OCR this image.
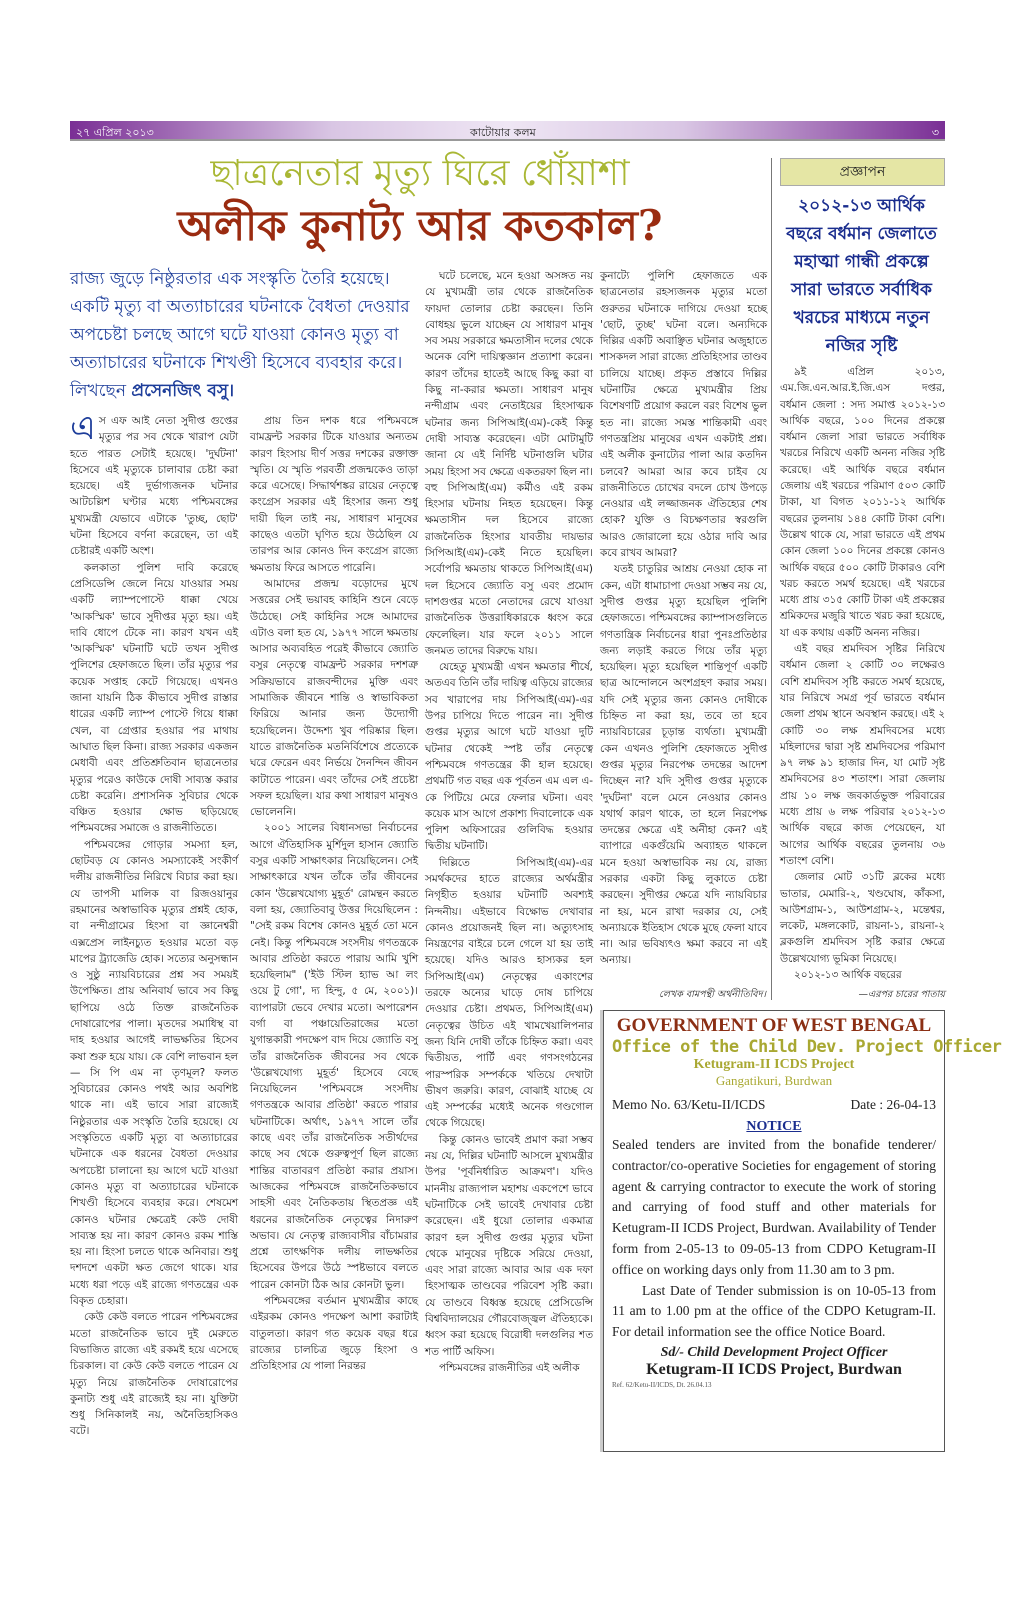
২৭ এপ্রিল ২০১৩	কাটোয়ার কলম	৩
ছাত্রনেতার মৃত্যু ঘিরে ধোঁয়াশা
অলীক কুনাট্য আর কতকাল?
রাজ্য জুড়ে নিষ্ঠুরতার এক সংস্কৃতি তৈরি হয়েছে। একটি মৃত্যু বা অত্যাচারের ঘটনাকে বৈধতা দেওয়ার অপচেষ্টা চলছে আগে ঘটে যাওয়া কোনও মৃত্যু বা অত্যাচারের ঘটনাকে শিখণ্ডী হিসেবে ব্যবহার করে। লিখছেন প্রসেনজিৎ বসু।
এ স এফ আই নেতা সুদীপ্ত গুপ্তের মৃত্যুর পর সব থেকে খারাপ যেটা হতে পারত সেটাই হয়েছে। 'দুর্ঘটনা' হিসেবে এই মৃত্যুকে চালাবার চেষ্টা করা হয়েছে। এই দুর্ভাগ্যজনক ঘটনার আটচল্লিশ ঘণ্টার মধ্যে পশ্চিমবঙ্গের মুখ্যমন্ত্রী যেভাবে এটাকে 'তুচ্ছ, ছোট' ঘটনা হিসেবে বর্ণনা করেছেন, তা এই চেষ্টারই একটি অংশ।

কলকাতা পুলিশ দাবি করেছে প্রেসিডেন্সি জেলে নিয়ে যাওয়ার সময় একটি ল্যাম্পপোস্টে ধাক্কা খেয়ে 'আকস্মিক' ভাবে সুদীপ্তর মৃত্যু হয়। এই দাবি ধোপে টেকে না। কারণ যখন এই 'আকস্মিক' ঘটনাটি ঘটে তখন সুদীপ্ত পুলিশের হেফাজতে ছিল। তাঁর মৃত্যুর পর কয়েক সপ্তাহ কেটে গিয়েছে। এখনও জানা যায়নি ঠিক কীভাবে সুদীপ্ত রাস্তার ধারের একটি ল্যাম্প পোস্টে গিয়ে ধাক্কা খেল, বা গ্রেপ্তার হওয়ার পর মাথায় আঘাত ছিল কিনা। রাজ্য সরকার একজন মেধাবী এবং প্রতিশ্রুতিবান ছাত্রনেতার মৃত্যুর পরেও কাউকে দোষী সাব্যস্ত করার চেষ্টা করেনি। প্রশাসনিক সুবিচার থেকে বঞ্চিত হওয়ার ক্ষোভ ছড়িয়েছে পশ্চিমবঙ্গের সমাজে ও রাজনীতিতে।

পশ্চিমবঙ্গের গোড়ার সমস্যা হল, ছোটবড় যে কোনও সমস্যাকেই সংকীর্ণ দলীয় রাজনীতির নিরিখে বিচার করা হয়। যে তাপসী মালিক বা রিজওয়ানুর রহমানের অস্বাভাবিক মৃত্যুর প্রশ্নই হোক, বা নন্দীগ্রামের হিংসা বা জ্ঞানেশ্বরী এক্সপ্রেস লাইনচ্যুত হওয়ার মতো বড় মাপের ট্র্যাজেডি হোক। সত্যের অনুসন্ধান ও সুষ্ঠু ন্যায়বিচারের প্রশ্ন সব সময়ই উপেক্ষিত। প্রায় অনিবার্য ভাবে সব কিছু ছাপিয়ে ওঠে তিক্ত রাজনৈতিক দোষারোপের পালা। মৃতদের সমাধিস্থ বা দাহ হওয়ার আগেই লাভক্ষতির হিসেব কষা শুরু হয়ে যায়। কে বেশি লাভবান হল— সি পি এম না তৃণমূল? ফলত সুবিচারের কোনও পথই আর অবশিষ্ট থাকে না। এই ভাবে সারা রাজ্যেই নিষ্ঠুরতার এক সংস্কৃতি তৈরি হয়েছে। যে সংস্কৃতিতে একটি মৃত্যু বা অত্যাচারের ঘটনাকে এক ধরনের বৈধতা দেওয়ার অপচেষ্টা চালানো হয় আগে ঘটে যাওয়া কোনও মৃত্যু বা অত্যাচারের ঘটনাকে শিখণ্ডী হিসেবে ব্যবহার করে। শেষমেশ কোনও ঘটনার ক্ষেত্রেই কেউ দোষী সাব্যস্ত হয় না। কারণ কোনও রকম শাস্তি হয় না। হিংসা চলতে থাকে অনিবার। শুধু দশদশে একটা ক্ষত জেগে থাকে। যার মধ্যে ধরা পড়ে এই রাজ্যে গণতন্ত্রের এক বিকৃত চেহারা।

কেউ কেউ বলতে পারেন পশ্চিমবঙ্গের মতো রাজনৈতিক ভাবে দুই মেরুতে বিভাজিত রাজ্যে এই রকমই হয়ে এসেছে চিরকাল। বা কেউ কেউ বলতে পারেন যে মৃত্যু নিয়ে রাজনৈতিক দোষারোপের কুনাট্য শুধু এই রাজ্যেই হয় না। যুক্তিটা শুধু সিনিকালই নয়, অনৈতিহাসিকও বটে।

প্রায় তিন দশক ধরে পশ্চিমবঙ্গে বামফ্রন্ট সরকার টিকে যাওয়ার অন্যতম কারণ হিংসায় দীর্ণ সত্তর দশকের রক্তাক্ত স্মৃতি। যে স্মৃতি পরবর্তী প্রজন্মকেও তাড়া করে এসেছে। সিদ্ধার্থশঙ্কর রায়ের নেতৃত্বে কংগ্রেস সরকার এই হিংসার জন্য শুধু দায়ী ছিল তাই নয়, সাধারণ মানুষের কাছেও এতটা ঘৃণিত হয়ে উঠেছিল যে তারপর আর কোনও দিন কংগ্রেস রাজ্যে ক্ষমতায় ফিরে আসতে পারেনি।

আমাদের প্রজন্ম বড়োদের মুখে সত্তরের সেই ভয়াবহ কাহিনি শুনে বেড়ে উঠেছে। সেই কাহিনির সঙ্গে আমাদের এটাও বলা হত যে, ১৯৭৭ সালে ক্ষমতায় আসার অব্যবহিত পরেই কীভাবে জ্যোতি বসুর নেতৃত্বে বামফ্রন্ট সরকার দশশত্রু সক্রিয়ভাবে রাজবন্দীদের মুক্তি এবং সামাজিক জীবনে শান্তি ও স্বাভাবিকতা ফিরিয়ে আনার জন্য উদ্যোগী হয়েছিলেন। উদ্দেশ্য খুব পরিষ্কার ছিল। যাতে রাজনৈতিক মতনির্বিশেষে প্রত্যেকে ঘরে ফেরেন এবং নির্ভয়ে দৈনন্দিন জীবন কাটাতে পারেন। এবং তাঁদের সেই প্রচেষ্টা সফল হয়েছিল। যার কথা সাধারণ মানুষও ভোলেননি।

২০০১ সালের বিধানসভা নির্বাচনের আগে ঐতিহাসিক মুর্শিদুল হাসান জ্যোতি বসুর একটি সাক্ষাৎকার নিয়েছিলেন। সেই সাক্ষাৎকারে যখন তাঁকে তাঁর জীবনের কোন 'উল্লেখযোগ্য মুহূর্ত' রোমন্থন করতে বলা হয়, জ্যোতিবাবু উত্তর দিয়েছিলেন : "সেই রকম বিশেষ কোনও মুহূর্ত তো মনে নেই। কিন্তু পশ্চিমবঙ্গে সংসদীয় গণতন্ত্রকে আবার প্রতিষ্ঠা করতে পারায় আমি খুশি হয়েছিলাম" ('ইউ স্টিল হ্যাভ আ লং ওয়ে টু গো', দ্য হিন্দু, ৫ মে, ২০০১)। ব্যাপারটা ভেবে দেখার মতো। অপারেশন বর্গা বা পঞ্চায়েতিরাজের মতো যুগান্তকারী পদক্ষেপ বাদ দিয়ে জ্যোতি বসু তাঁর রাজনৈতিক জীবনের সব থেকে 'উল্লেখযোগ্য মুহূর্ত' হিসেবে বেছে নিয়েছিলেন 'পশ্চিমবঙ্গে সংসদীয় গণতন্ত্রকে আবার প্রতিষ্ঠা' করতে পারার ঘটনাটিকে। অর্থাৎ, ১৯৭৭ সালে তাঁর কাছে এবং তাঁর রাজনৈতিক সতীর্থদের কাছে সব থেকে গুরুত্বপূর্ণ ছিল রাজ্যে শান্তির বাতাবরণ প্রতিষ্ঠা করার প্রয়াস। আজকের পশ্চিমবঙ্গে রাজনৈতিকভাবে সাহসী এবং নৈতিকতায় স্থিতপ্রজ্ঞ এই ধরনের রাজনৈতিক নেতৃত্বের নিদারুণ অভাব। যে নেতৃত্ব রাজ্যবাসীর বাঁচামরার প্রশ্নে তাৎক্ষণিক দলীয় লাভক্ষতির হিসেবের উপরে উঠে স্পষ্টভাবে বলতে পারেন কোনটা ঠিক আর কোনটা ভুল।

পশ্চিমবঙ্গের বর্তমান মুখ্যমন্ত্রীর কাছে এইরকম কোনও পদক্ষেপ আশা করাটাই বাতুলতা। কারণ গত কয়েক বছর ধরে রাজ্যের চালচিত্র জুড়ে হিংসা ও প্রতিহিংসার যে পালা নিরন্তর

ঘটে চলেছে, মনে হওয়া অসঙ্গত নয় যে মুখ্যমন্ত্রী তার থেকে রাজনৈতিক ফায়দা তোলার চেষ্টা করছেন। তিনি বোধহয় ভুলে যাচ্ছেন যে সাধারণ মানুষ সব সময় সরকারে ক্ষমতাসীন দলের থেকে অনেক বেশি দায়িত্বজ্ঞান প্রত্যাশা করেন। কারণ তাঁদের হাতেই আছে কিছু করা বা কিছু না-করার ক্ষমতা। সাধারণ মানুষ নন্দীগ্রাম এবং নেতাইয়ের হিংসাত্মক ঘটনার জন্য সিপিআই(এম)-কেই কিন্তু দোষী সাব্যস্ত করেছেন। এটা মোটামুটি জানা যে এই নির্দিষ্ট ঘটনাগুলি ঘটার সময় হিংসা সব ক্ষেত্রে একতরফা ছিল না। বহু সিপিআই(এম) কর্মীও এই রকম হিংসার ঘটনায় নিহত হয়েছেন। কিন্তু ক্ষমতাসীন দল হিসেবে রাজ্যে রাজনৈতিক হিংসার যাবতীয় দায়ভার সিপিআই(এম)-কেই নিতে হয়েছিল। সর্বোপরি ক্ষমতায় থাকতে সিপিআই(এম) দল হিসেবে জ্যোতি বসু এবং প্রমোদ দাশগুপ্তর মতো নেতাদের রেখে যাওয়া রাজনৈতিক উত্তরাধিকারকে ধ্বংস করে ফেলেছিল। যার ফলে ২০১১ সালে জনমত তাদের বিরুদ্ধে যায়।

যেহেতু মুখ্যমন্ত্রী এখন ক্ষমতার শীর্ষে, অতএব তিনি তাঁর দায়িত্ব এড়িয়ে রাজ্যের সব খারাপের দায় সিপিআই(এম)-এর উপর চাপিয়ে দিতে পারেন না। সুদীপ্ত গুপ্তর মৃত্যুর আগে ঘটে যাওয়া দুটি ঘটনার থেকেই স্পষ্ট তাঁর নেতৃত্বে পশ্চিমবঙ্গে গণতন্ত্রের কী হাল হয়েছে। প্রথমটি গত বছর এক পূর্বতন এম এল এ-কে পিটিয়ে মেরে ফেলার ঘটনা। এবং কয়েক মাস আগে প্রকাশ্য দিবালোকে এক পুলিশ অফিসারের গুলিবিদ্ধ হওয়ার দ্বিতীয় ঘটনাটি।

দিল্লিতে সিপিআই(এম)-এর সমর্থকদের হাতে রাজ্যের অর্থমন্ত্রীর নিগৃহীত হওয়ার ঘটনাটি অবশ্যই নিন্দনীয়। এইভাবে বিক্ষোভ দেখাবার কোনও প্রয়োজনই ছিল না। অত্যুৎসাহ নিয়ন্ত্রণের বাইরে চলে গেলে যা হয় তাই হয়েছে। যদিও আরও হাস্যকর হল সিপিআই(এম) নেতৃত্বের একাংশের তরফে অন্যের ঘাড়ে দোষ চাপিয়ে দেওয়ার চেষ্টা। প্রথমত, সিপিআই(এম) নেতৃত্বের উচিত এই খামখেয়ালিপনার জন্য যিনি দোষী তাঁকে চিহ্নিত করা। এবং দ্বিতীয়ত, পার্টি এবং গণসংগঠনের পারস্পরিক সম্পর্ককে খতিয়ে দেখাটা ভীষণ জরুরি। কারণ, বোঝাই যাচ্ছে যে এই সম্পর্কের মধ্যেই অনেক গণ্ডগোল থেকে গিয়েছে।

কিন্তু কোনও ভাবেই প্রমাণ করা সম্ভব নয় যে, দিল্লির ঘটনাটি আসলে মুখ্যমন্ত্রীর উপর 'পূর্বনির্ধারিত আক্রমণ'। যদিও মাননীয় রাজ্যপাল মহাশয় একপেশে ভাবে ঘটনাটিকে সেই ভাবেই দেখাবার চেষ্টা করেছেন। এই ধুয়ো তোলার একমাত্র কারণ হল সুদীপ্ত গুপ্তর মৃত্যুর ঘটনা থেকে মানুষের দৃষ্টিকে সরিয়ে দেওয়া, এবং সারা রাজ্যে আবার আর এক দফা হিংসাত্মক তাণ্ডবের পরিবেশ সৃষ্টি করা। যে তাণ্ডবে বিধ্বস্ত হয়েছে প্রেসিডেন্সি বিশ্ববিদ্যালয়ের গৌরবোজ্জ্বল ঐতিহ্যকে। ধ্বংস করা হয়েছে বিরোধী দলগুলির শত শত পার্টি অফিস।

পশ্চিমবঙ্গের রাজনীতির এই অলীক

কুনাট্যে পুলিশি হেফাজতে এক ছাত্রনেতার রহস্যজনক মৃত্যুর মতো গুরুতর ঘটনাকে দাগিয়ে দেওয়া হচ্ছে 'ছোট, তুচ্ছ' ঘটনা বলে। অন্যদিকে দিল্লির একটি অবাঞ্ছিত ঘটনার অজুহাতে শাসকদল সারা রাজ্যে প্রতিহিংসার তাণ্ডব চালিয়ে যাচ্ছে। প্রকৃত প্রস্তাবে দিল্লির ঘটনাটির ক্ষেত্রে মুখ্যমন্ত্রীর প্রিয় বিশেষণটি প্রয়োগ করলে বরং বিশেষ ভুল হত না। রাজ্যে সমস্ত শান্তিকামী এবং গণতন্ত্রপ্রিয় মানুষের এখন একটাই প্রশ্ন। এই অলীক কুনাট্যের পালা আর কতদিন চলবে? আমরা আর কবে চাইব যে রাজনীতিতে চোখের বদলে চোখ উপড়ে নেওয়ার এই লজ্জাজনক ঐতিহ্যের শেষ হোক? যুক্তি ও বিচক্ষণতার স্বরগুলি আরও জোরালো হয়ে ওঠার দাবি আর কবে রাখব আমরা?

যতই চাতুরির আশ্রয় নেওয়া হোক না কেন, এটা ধামাচাপা দেওয়া সম্ভব নয় যে, সুদীপ্ত গুপ্তর মৃত্যু হয়েছিল পুলিশি হেফাজতে। পশ্চিমবঙ্গের ক্যাম্পাসগুলিতে গণতান্ত্রিক নির্বাচনের ধারা পুনঃপ্রতিষ্ঠার জন্য লড়াই করতে গিয়ে তাঁর মৃত্যু হয়েছিল। মৃত্যু হয়েছিল শান্তিপূর্ণ একটি ছাত্র আন্দোলনে অংশগ্রহণ করার সময়। যদি সেই মৃত্যুর জন্য কোনও দোষীকে চিহ্নিত না করা হয়, তবে তা হবে ন্যায়বিচারের চূড়ান্ত ব্যর্থতা। মুখ্যমন্ত্রী কেন এখনও পুলিশি হেফাজতে সুদীপ্ত গুপ্তর মৃত্যুর নিরপেক্ষ তদন্তের আদেশ দিচ্ছেন না? যদি সুদীপ্ত গুপ্তর মৃত্যুকে 'দুর্ঘটনা' বলে মেনে নেওয়ার কোনও যথার্থ কারণ থাকে, তা হলে নিরপেক্ষ তদন্তের ক্ষেত্রে এই অনীহা কেন? এই ব্যাপারে একগুঁয়েমি অব্যাহত থাকলে মনে হওয়া অস্বাভাবিক নয় যে, রাজ্য সরকার একটা কিছু লুকাতে চেষ্টা করছেন। সুদীপ্তর ক্ষেত্রে যদি ন্যায়বিচার না হয়, মনে রাখা দরকার যে, সেই অন্যায়কে ইতিহাস থেকে মুছে ফেলা যাবে না। আর ভবিষ্যৎও ক্ষমা করবে না এই অন্যায়।

লেখক বামপন্থী অর্থনীতিবিদ।
প্রজ্ঞাপন
২০১২-১৩ আর্থিক বছরে বর্ধমান জেলাতে মহাত্মা গান্ধী প্রকল্পে সারা ভারতে সর্বাধিক খরচের মাধ্যমে নতুন নজির সৃষ্টি

৯ই এপ্রিল ২০১৩, এম.জি.এন.আর.ই.জি.এস দপ্তর, বর্ধমান জেলা : সদ্য সমাপ্ত ২০১২-১৩ আর্থিক বছরে, ১০০ দিনের প্রকল্পে বর্ধমান জেলা সারা ভারতে সর্বাধিক খরচের নিরিখে একটি অনন্য নজির সৃষ্টি করেছে। এই আর্থিক বছরে বর্ধমান জেলায় এই খরচের পরিমাণ ৫০৩ কোটি টাকা, যা বিগত ২০১১-১২ আর্থিক বছরের তুলনায় ১৪৪ কোটি টাকা বেশি। উল্লেখ থাকে যে, সারা ভারতে এই প্রথম কোন জেলা ১০০ দিনের প্রকল্পে কোনও আর্থিক বছরে ৫০০ কোটি টাকারও বেশি খরচ করতে সমর্থ হয়েছে। এই খরচের মধ্যে প্রায় ৩১৫ কোটি টাকা এই প্রকল্পের শ্রমিকদের মজুরি খাতে খরচ করা হয়েছে, যা এক কথায় একটি অনন্য নজির।

এই বছর শ্রমদিবস সৃষ্টির নিরিখে বর্ধমান জেলা ২ কোটি ৩০ লক্ষেরও বেশি শ্রমদিবস সৃষ্টি করতে সমর্থ হয়েছে, যার নিরিখে সমগ্র পূর্ব ভারতে বর্ধমান জেলা প্রথম স্থানে অবস্থান করছে। এই ২ কোটি ৩০ লক্ষ শ্রমদিবসের মধ্যে মহিলাদের দ্বারা সৃষ্ট শ্রমদিবসের পরিমাণ ৯৭ লক্ষ ৯১ হাজার দিন, যা মোট সৃষ্ট শ্রমদিবসের ৪৩ শতাংশ। সারা জেলায় প্রায় ১০ লক্ষ জবকার্ডভুক্ত পরিবারের মধ্যে প্রায় ৬ লক্ষ পরিবার ২০১২-১৩ আর্থিক বছরে কাজ পেয়েছেন, যা আগের আর্থিক বছরের তুলনায় ৩৬ শতাংশ বেশি।

জেলার মোট ৩১টি ব্লকের মধ্যে ভাতার, মেমারি-২, খণ্ডঘোষ, কাঁকসা, আউশগ্রাম-১, আউশগ্রাম-২, মন্তেশ্বর, লকেট, মঙ্গলকোট, রায়না-১, রায়না-২ ব্লকগুলি শ্রমদিবস সৃষ্টি করার ক্ষেত্রে উল্লেখযোগ্য ভূমিকা নিয়েছে।

২০১২-১৩ আর্থিক বছরের

—এরপর চারের পাতায়
GOVERNMENT OF WEST BENGAL
Office of the Child Dev. Project Officer
Ketugram-II ICDS Project
Gangatikuri, Burdwan
Memo No. 63/Ketu-II/ICDS	Date : 26-04-13
NOTICE

Sealed tenders are invited from the bonafide tenderer/ contractor/co-operative Societies for engagement of storing agent & carrying contractor to execute the work of storing and carrying of food stuff and other materials for Ketugram-II ICDS Project, Burdwan. Availability of Tender form from 2-05-13 to 09-05-13 from CDPO Ketugram-II office on working days only from 11.30 am to 3 pm.

Last Date of Tender submission is on 10-05-13 from 11 am to 1.00 pm at the office of the CDPO Ketugram-II. For detail information see the office Notice Board.

Sd/- Child Development Project Officer
Ketugram-II ICDS Project, Burdwan
Ref. 62/Ketu-II/ICDS, Dt. 26.04.13
